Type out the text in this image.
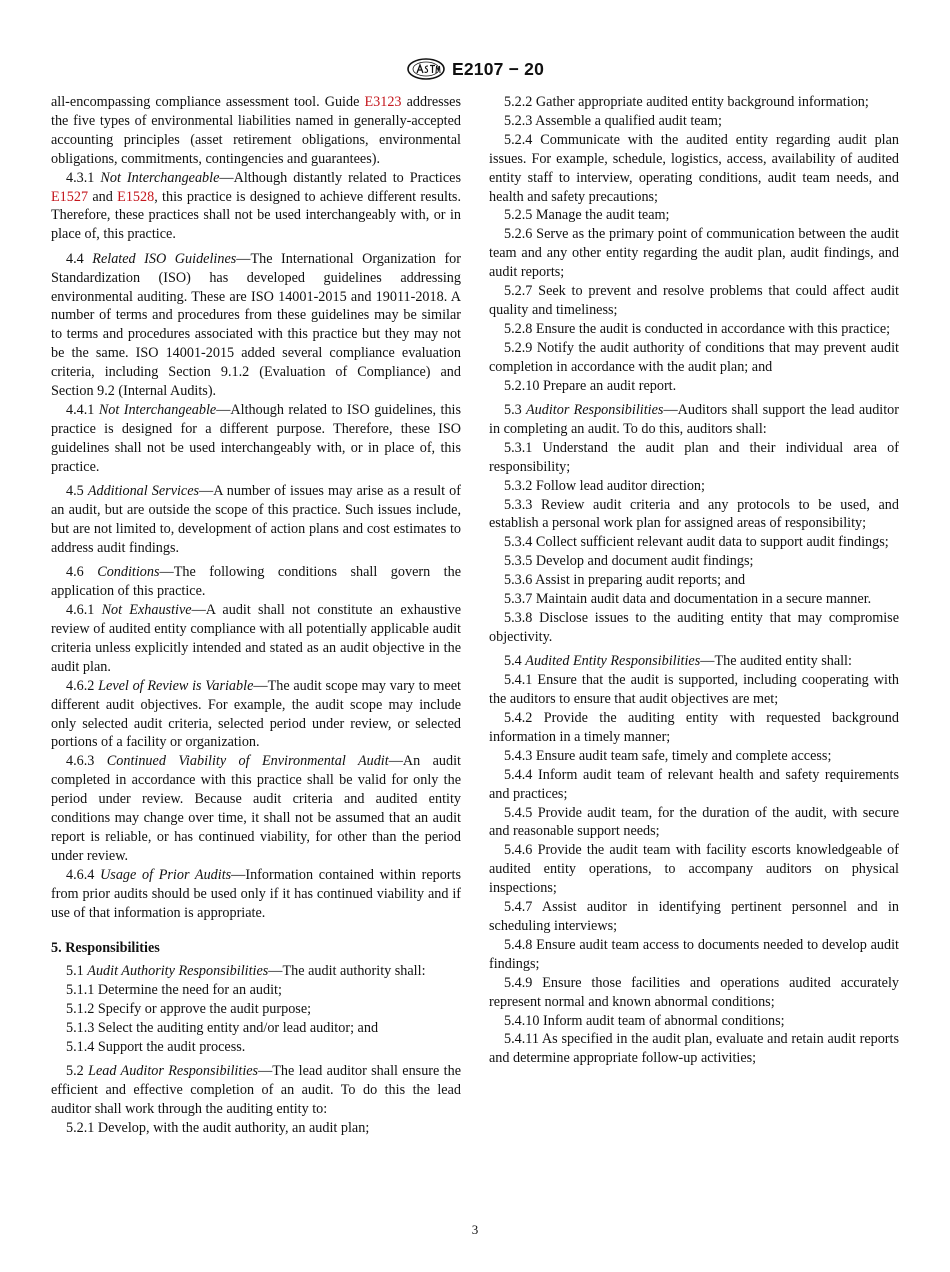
E2107 − 20

all-encompassing compliance assessment tool. Guide E3123 addresses the five types of environmental liabilities named in generally-accepted accounting principles (asset retirement obligations, environmental obligations, commitments, contingencies and guarantees).

4.3.1 Not Interchangeable—Although distantly related to Practices E1527 and E1528, this practice is designed to achieve different results. Therefore, these practices shall not be used interchangeably with, or in place of, this practice.

4.4 Related ISO Guidelines—The International Organization for Standardization (ISO) has developed guidelines addressing environmental auditing. These are ISO 14001-2015 and 19011-2018. A number of terms and procedures from these guidelines may be similar to terms and procedures associated with this practice but they may not be the same. ISO 14001-2015 added several compliance evaluation criteria, including Section 9.1.2 (Evaluation of Compliance) and Section 9.2 (Internal Audits).

4.4.1 Not Interchangeable—Although related to ISO guidelines, this practice is designed for a different purpose. Therefore, these ISO guidelines shall not be used interchangeably with, or in place of, this practice.

4.5 Additional Services—A number of issues may arise as a result of an audit, but are outside the scope of this practice. Such issues include, but are not limited to, development of action plans and cost estimates to address audit findings.

4.6 Conditions—The following conditions shall govern the application of this practice.

4.6.1 Not Exhaustive—A audit shall not constitute an exhaustive review of audited entity compliance with all potentially applicable audit criteria unless explicitly intended and stated as an audit objective in the audit plan.

4.6.2 Level of Review is Variable—The audit scope may vary to meet different audit objectives. For example, the audit scope may include only selected audit criteria, selected period under review, or selected portions of a facility or organization.

4.6.3 Continued Viability of Environmental Audit—An audit completed in accordance with this practice shall be valid for only the period under review. Because audit criteria and audited entity conditions may change over time, it shall not be assumed that an audit report is reliable, or has continued viability, for other than the period under review.

4.6.4 Usage of Prior Audits—Information contained within reports from prior audits should be used only if it has continued viability and if use of that information is appropriate.

5. Responsibilities

5.1 Audit Authority Responsibilities—The audit authority shall:

5.1.1 Determine the need for an audit;

5.1.2 Specify or approve the audit purpose;

5.1.3 Select the auditing entity and/or lead auditor; and

5.1.4 Support the audit process.

5.2 Lead Auditor Responsibilities—The lead auditor shall ensure the efficient and effective completion of an audit. To do this the lead auditor shall work through the auditing entity to:

5.2.1 Develop, with the audit authority, an audit plan;

5.2.2 Gather appropriate audited entity background information;

5.2.3 Assemble a qualified audit team;

5.2.4 Communicate with the audited entity regarding audit plan issues. For example, schedule, logistics, access, availability of audited entity staff to interview, operating conditions, audit team needs, and health and safety precautions;

5.2.5 Manage the audit team;

5.2.6 Serve as the primary point of communication between the audit team and any other entity regarding the audit plan, audit findings, and audit reports;

5.2.7 Seek to prevent and resolve problems that could affect audit quality and timeliness;

5.2.8 Ensure the audit is conducted in accordance with this practice;

5.2.9 Notify the audit authority of conditions that may prevent audit completion in accordance with the audit plan; and

5.2.10 Prepare an audit report.

5.3 Auditor Responsibilities—Auditors shall support the lead auditor in completing an audit. To do this, auditors shall:

5.3.1 Understand the audit plan and their individual area of responsibility;

5.3.2 Follow lead auditor direction;

5.3.3 Review audit criteria and any protocols to be used, and establish a personal work plan for assigned areas of responsibility;

5.3.4 Collect sufficient relevant audit data to support audit findings;

5.3.5 Develop and document audit findings;

5.3.6 Assist in preparing audit reports; and

5.3.7 Maintain audit data and documentation in a secure manner.

5.3.8 Disclose issues to the auditing entity that may compromise objectivity.

5.4 Audited Entity Responsibilities—The audited entity shall:

5.4.1 Ensure that the audit is supported, including cooperating with the auditors to ensure that audit objectives are met;

5.4.2 Provide the auditing entity with requested background information in a timely manner;

5.4.3 Ensure audit team safe, timely and complete access;

5.4.4 Inform audit team of relevant health and safety requirements and practices;

5.4.5 Provide audit team, for the duration of the audit, with secure and reasonable support needs;

5.4.6 Provide the audit team with facility escorts knowledgeable of audited entity operations, to accompany auditors on physical inspections;

5.4.7 Assist auditor in identifying pertinent personnel and in scheduling interviews;

5.4.8 Ensure audit team access to documents needed to develop audit findings;

5.4.9 Ensure those facilities and operations audited accurately represent normal and known abnormal conditions;

5.4.10 Inform audit team of abnormal conditions;

5.4.11 As specified in the audit plan, evaluate and retain audit reports and determine appropriate follow-up activities;

3
